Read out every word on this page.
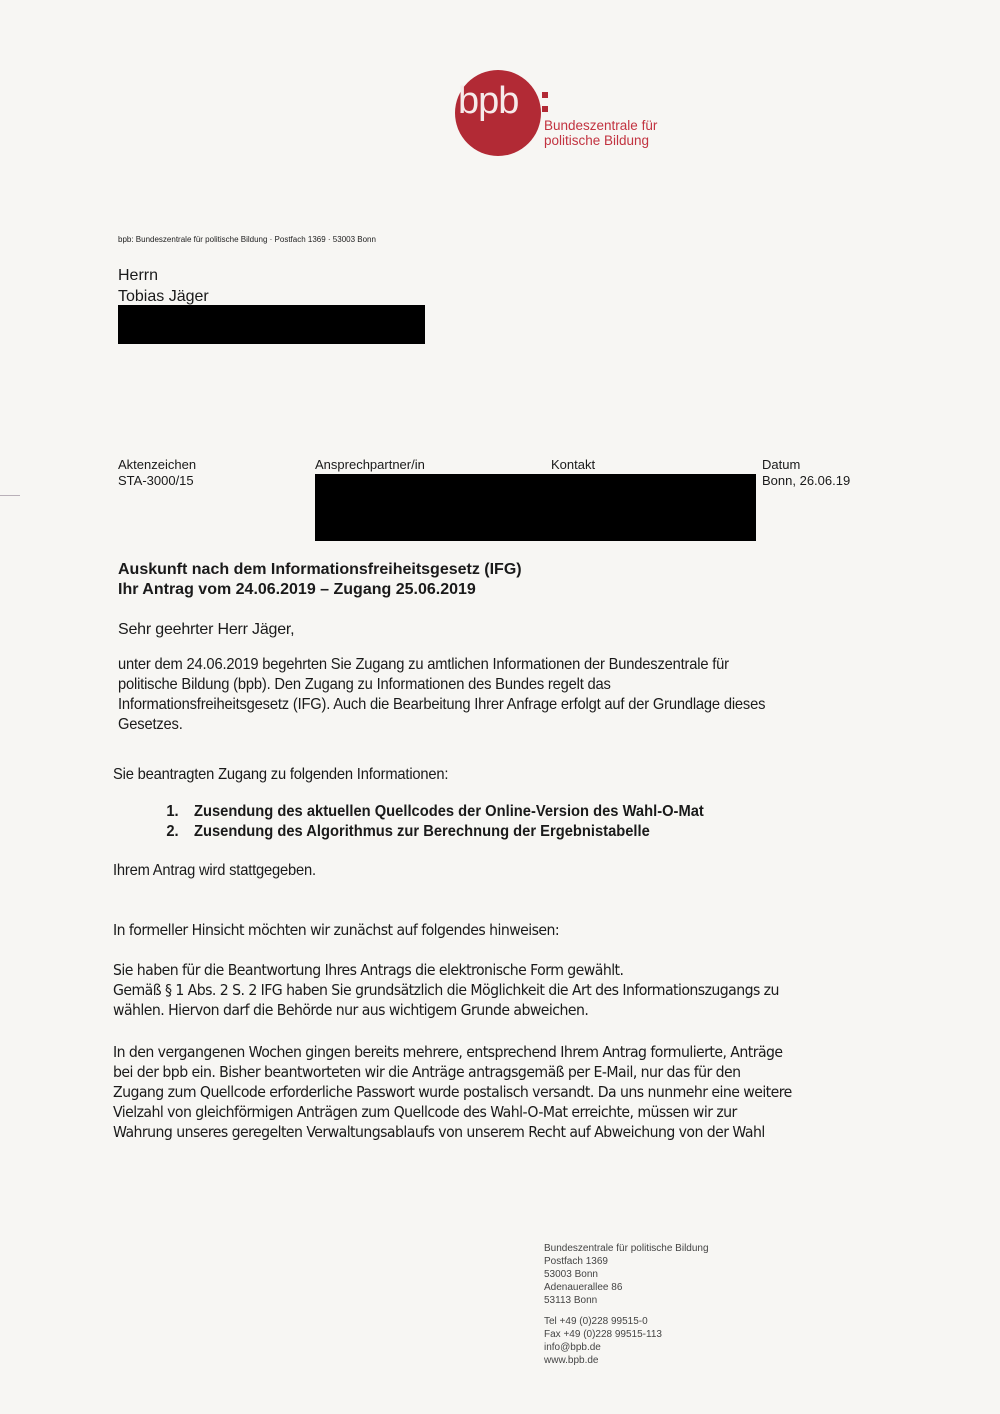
bpb
Bundeszentrale für
politische Bildung
bpb: Bundeszentrale für politische Bildung · Postfach 1369 · 53003 Bonn
Herrn
Tobias Jäger
Aktenzeichen
STA-3000/15
Ansprechpartner/in	Kontakt	Datum
Bonn, 26.06.19
Auskunft nach dem Informationsfreiheitsgesetz (IFG)
Ihr Antrag vom 24.06.2019 – Zugang 25.06.2019
Sehr geehrter Herr Jäger,
unter dem 24.06.2019 begehrten Sie Zugang zu amtlichen Informationen der Bundeszentrale für
politische Bildung (bpb). Den Zugang zu Informationen des Bundes regelt das
Informationsfreiheitsgesetz (IFG). Auch die Bearbeitung Ihrer Anfrage erfolgt auf der Grundlage dieses
Gesetzes.
Sie beantragten Zugang zu folgenden Informationen:
1. Zusendung des aktuellen Quellcodes der Online-Version des Wahl-O-Mat
2. Zusendung des Algorithmus zur Berechnung der Ergebnistabelle
Ihrem Antrag wird stattgegeben.
In formeller Hinsicht möchten wir zunächst auf folgendes hinweisen:
Sie haben für die Beantwortung Ihres Antrags die elektronische Form gewählt.
Gemäß § 1 Abs. 2 S. 2 IFG haben Sie grundsätzlich die Möglichkeit die Art des Informationszugangs zu
wählen. Hiervon darf die Behörde nur aus wichtigem Grunde abweichen.
In den vergangenen Wochen gingen bereits mehrere, entsprechend Ihrem Antrag formulierte, Anträge
bei der bpb ein. Bisher beantworteten wir die Anträge antragsgemäß per E-Mail, nur das für den
Zugang zum Quellcode erforderliche Passwort wurde postalisch versandt. Da uns nunmehr eine weitere
Vielzahl von gleichförmigen Anträgen zum Quellcode des Wahl-O-Mat erreichte, müssen wir zur
Wahrung unseres geregelten Verwaltungsablaufs von unserem Recht auf Abweichung von der Wahl
Bundeszentrale für politische Bildung
Postfach 1369
53003 Bonn
Adenauerallee 86
53113 Bonn
Tel +49 (0)228 99515-0
Fax +49 (0)228 99515-113
info@bpb.de
www.bpb.de
